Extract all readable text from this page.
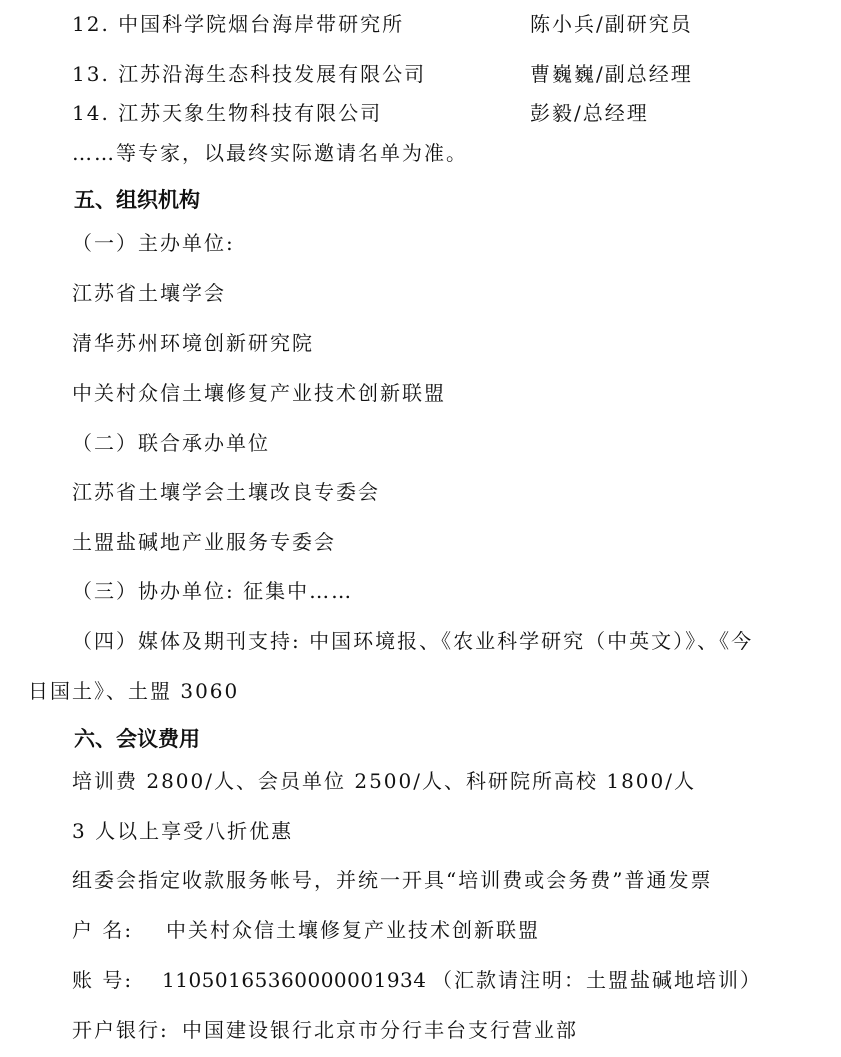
12. 中国科学院烟台海岸带研究所	陈小兵/副研究员
13. 江苏沿海生态科技发展有限公司	曹巍巍/副总经理
14. 江苏天象生物科技有限公司	彭毅/总经理
……等专家，以最终实际邀请名单为准。
五、组织机构
（一）主办单位:
江苏省土壤学会
清华苏州环境创新研究院
中关村众信土壤修复产业技术创新联盟
（二）联合承办单位
江苏省土壤学会土壤改良专委会
土盟盐碱地产业服务专委会
（三）协办单位: 征集中……
（四）媒体及期刊支持: 中国环境报、《农业科学研究（中英文）》、《今
日国土》、土盟 3060
六、会议费用
培训费 2800/人、会员单位 2500/人、科研院所高校 1800/人
3 人以上享受八折优惠
组委会指定收款服务帐号，并统一开具“培训费或会务费”普通发票
户 名: 中关村众信土壤修复产业技术创新联盟
账 号: 11050165360000001934 （汇款请注明：土盟盐碱地培训）
开户银行: 中国建设银行北京市分行丰台支行营业部
